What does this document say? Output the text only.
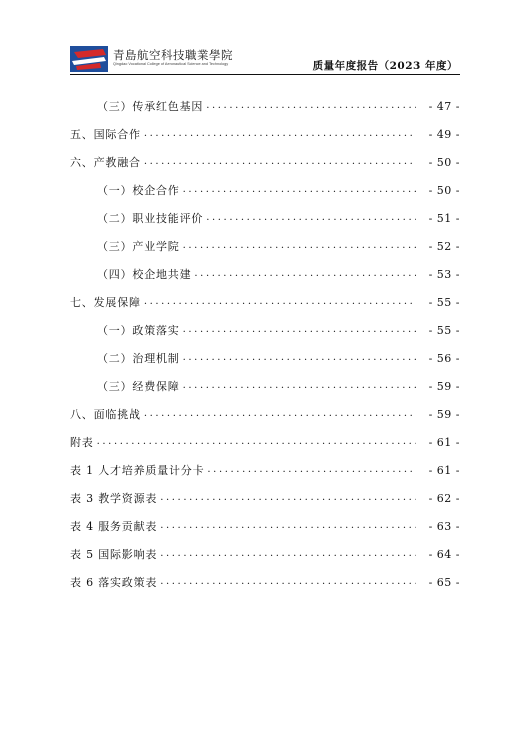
青島航空科技職業學院
Qingdao Vocational College of Aeronautical Science and Technology	质量年度报告（2023 年度）
（三）传承红色基因 .....	- 47 -
五、国际合作 .....	- 49 -
六、产教融合 .....	- 50 -
（一）校企合作 .....	- 50 -
（二）职业技能评价 .....	- 51 -
（三）产业学院 .....	- 52 -
（四）校企地共建 .....	- 53 -
七、发展保障 .....	- 55 -
（一）政策落实 .....	- 55 -
（二）治理机制 .....	- 56 -
（三）经费保障 .....	- 59 -
八、面临挑战 .....	- 59 -
附表 .....	- 61 -
表 1 人才培养质量计分卡 .....	- 61 -
表 3 教学资源表 .....	- 62 -
表 4 服务贡献表 .....	- 63 -
表 5 国际影响表 .....	- 64 -
表 6 落实政策表 .....	- 65 -
